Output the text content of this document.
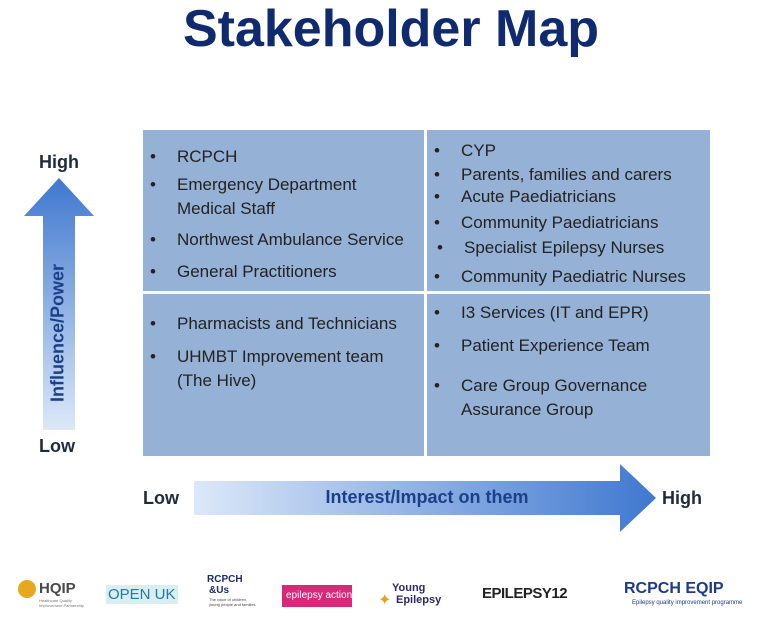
Stakeholder Map
High
Low
Influence/Power
• RCPCH
• Emergency Department
Medical Staff
• Northwest Ambulance Service
• General Practitioners
• CYP
• Parents, families and carers
• Acute Paediatricians
• Community Paediatricians
• Specialist Epilepsy Nurses
• Community Paediatric Nurses
• Pharmacists and Technicians
• UHMBT Improvement team
(The Hive)
• I3 Services (IT and EPR)
• Patient Experience Team
• Care Group Governance
Assurance Group
Low	High
Interest/Impact on them
HQIP
Healthcare Quality Improvement Partnership
OPEN UK
RCPCH
&Us
The voice of children, young people and families
epilepsy action ✦
Young
Epilepsy	EPILEPSY12	RCPCH EQIP
Epilepsy quality improvement programme
